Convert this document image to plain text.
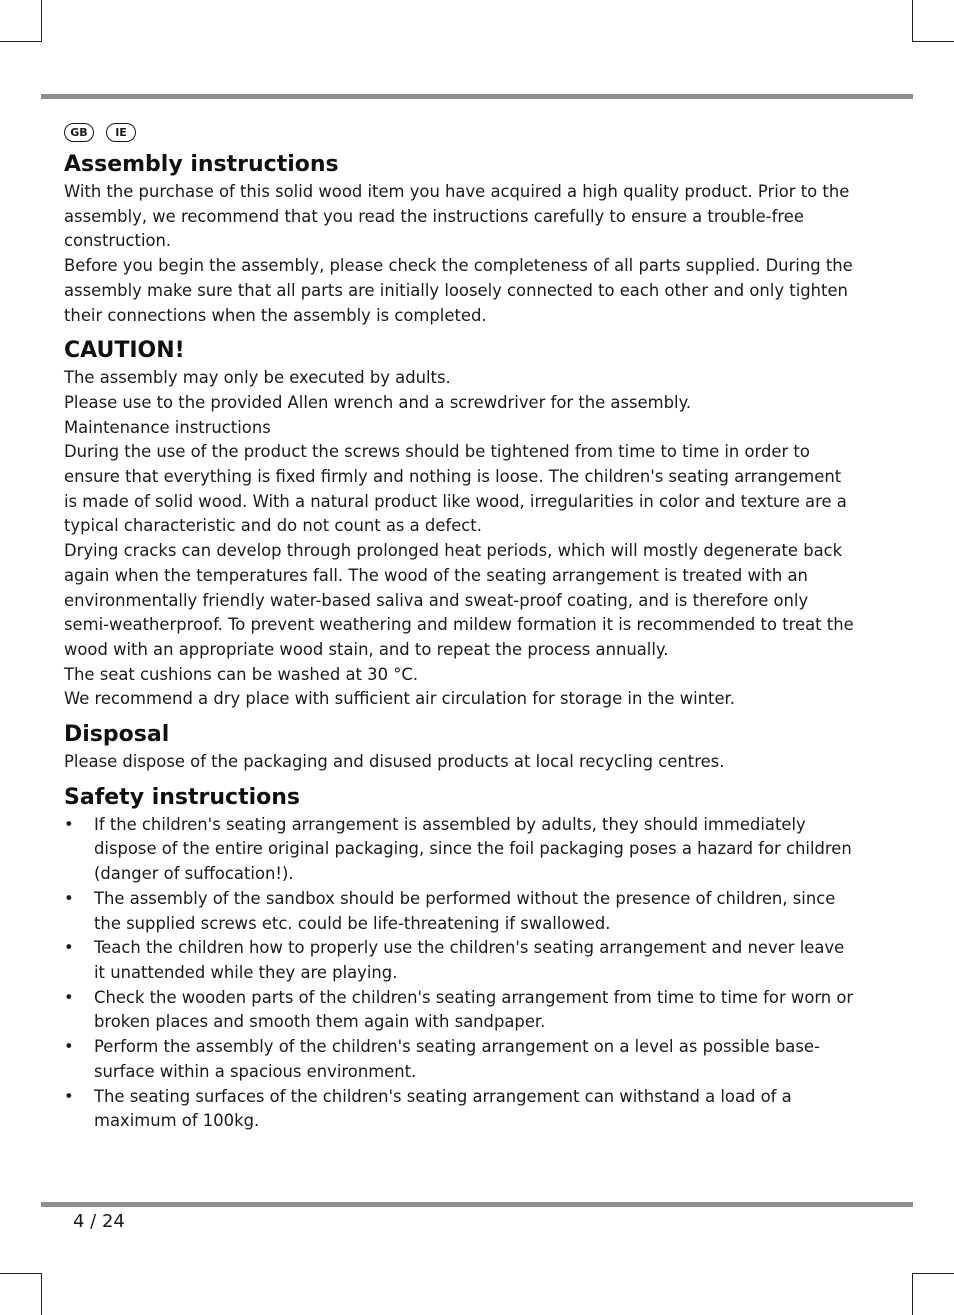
GB	IE
Assembly instructions

With the purchase of this solid wood item you have acquired a high quality product. Prior to the assembly, we recommend that you read the instructions carefully to ensure a trouble-free construction.

Before you begin the assembly, please check the completeness of all parts supplied. During the assembly make sure that all parts are initially loosely connected to each other and only tighten their connections when the assembly is completed.

CAUTION!

The assembly may only be executed by adults.

Please use to the provided Allen wrench and a screwdriver for the assembly.

Maintenance instructions

During the use of the product the screws should be tightened from time to time in order to ensure that everything is fixed firmly and nothing is loose. The children's seating arrangement is made of solid wood. With a natural product like wood, irregularities in color and texture are a typical characteristic and do not count as a defect.

Drying cracks can develop through prolonged heat periods, which will mostly degenerate back again when the temperatures fall. The wood of the seating arrangement is treated with an environmentally friendly water-based saliva and sweat-proof coating, and is therefore only semi-weatherproof. To prevent weathering and mildew formation it is recommended to treat the wood with an appropriate wood stain, and to repeat the process annually.

The seat cushions can be washed at 30 °C.

We recommend a dry place with sufficient air circulation for storage in the winter.

Disposal

Please dispose of the packaging and disused products at local recycling centres.

Safety instructions
• If the children's seating arrangement is assembled by adults, they should immediately dispose of the entire original packaging, since the foil packaging poses a hazard for children (danger of suffocation!).
• The assembly of the sandbox should be performed without the presence of children, since the supplied screws etc. could be life-threatening if swallowed.
• Teach the children how to properly use the children's seating arrangement and never leave it unattended while they are playing.
• Check the wooden parts of the children's seating arrangement from time to time for worn or broken places and smooth them again with sandpaper.
• Perform the assembly of the children's seating arrangement on a level as possible base-surface within a spacious environment.
• The seating surfaces of the children's seating arrangement can withstand a load of a maximum of 100kg.
4 / 24
